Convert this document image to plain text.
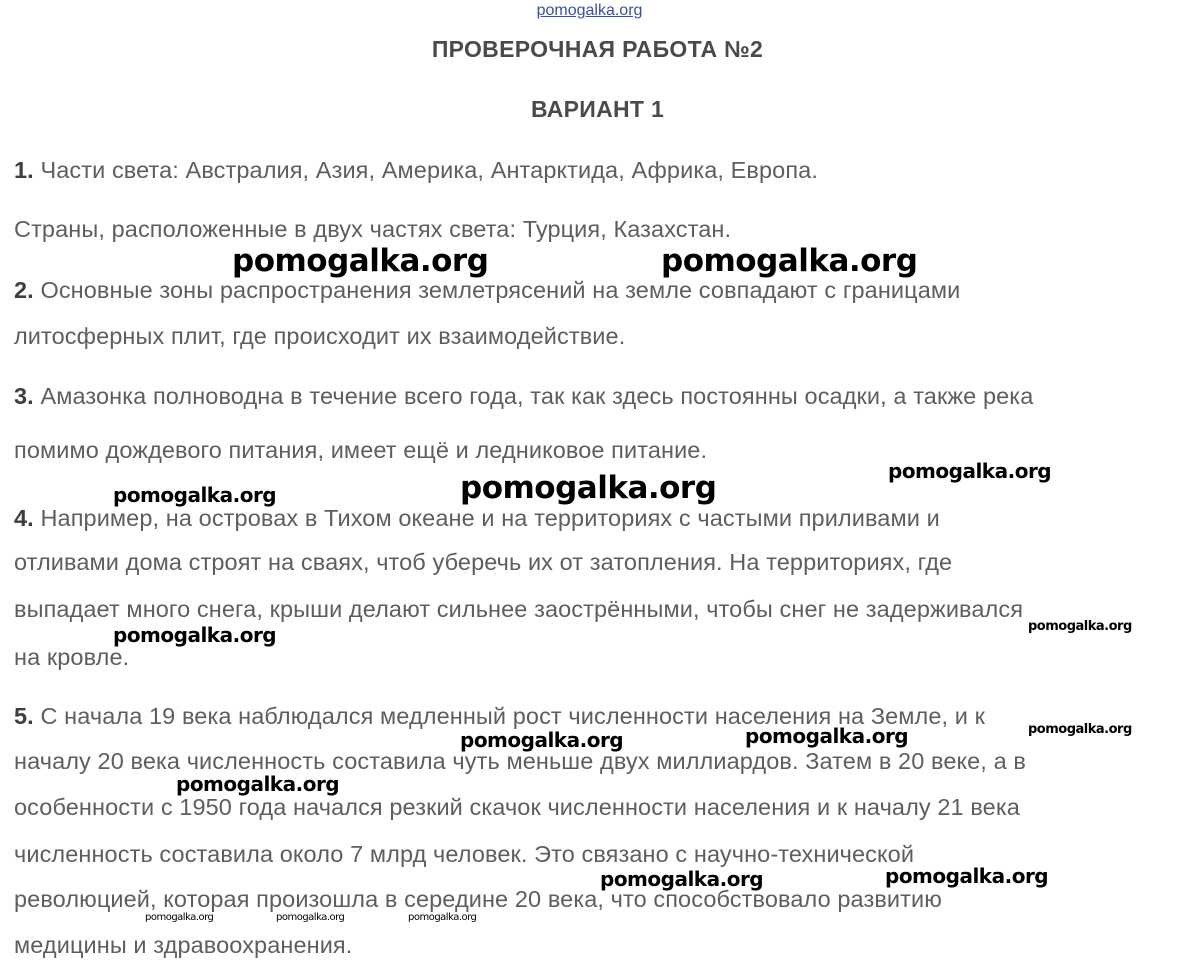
pomogalka.org
ПРОВЕРОЧНАЯ РАБОТА №2
ВАРИАНТ 1
1. Части света: Австралия, Азия, Америка, Антарктида, Африка, Европа.
Страны, расположенные в двух частях света: Турция, Казахстан.
2. Основные зоны распространения землетрясений на земле совпадают с границами
литосферных плит, где происходит их взаимодействие.
3. Амазонка полноводна в течение всего года, так как здесь постоянны осадки, а также река
помимо дождевого питания, имеет ещё и ледниковое питание.
4. Например, на островах в Тихом океане и на территориях с частыми приливами и
отливами дома строят на сваях, чтоб уберечь их от затопления. На территориях, где
выпадает много снега, крыши делают сильнее заострёнными, чтобы снег не задерживался
на кровле.
5. С начала 19 века наблюдался медленный рост численности населения на Земле, и к
началу 20 века численность составила чуть меньше двух миллиардов. Затем в 20 веке, а в
особенности с 1950 года начался резкий скачок численности населения и к началу 21 века
численность составила около 7 млрд человек. Это связано с научно-технической
революцией, которая произошла в середине 20 века, что способствовало развитию
медицины и здравоохранения.
pomogalka.org	pomogalka.org
pomogalka.org	pomogalka.org
pomogalka.org
pomogalka.org	pomogalka.org
pomogalka.org	pomogalka.org	pomogalka.org
pomogalka.org
pomogalka.org	pomogalka.org
pomogalka.org	pomogalka.org	pomogalka.org
